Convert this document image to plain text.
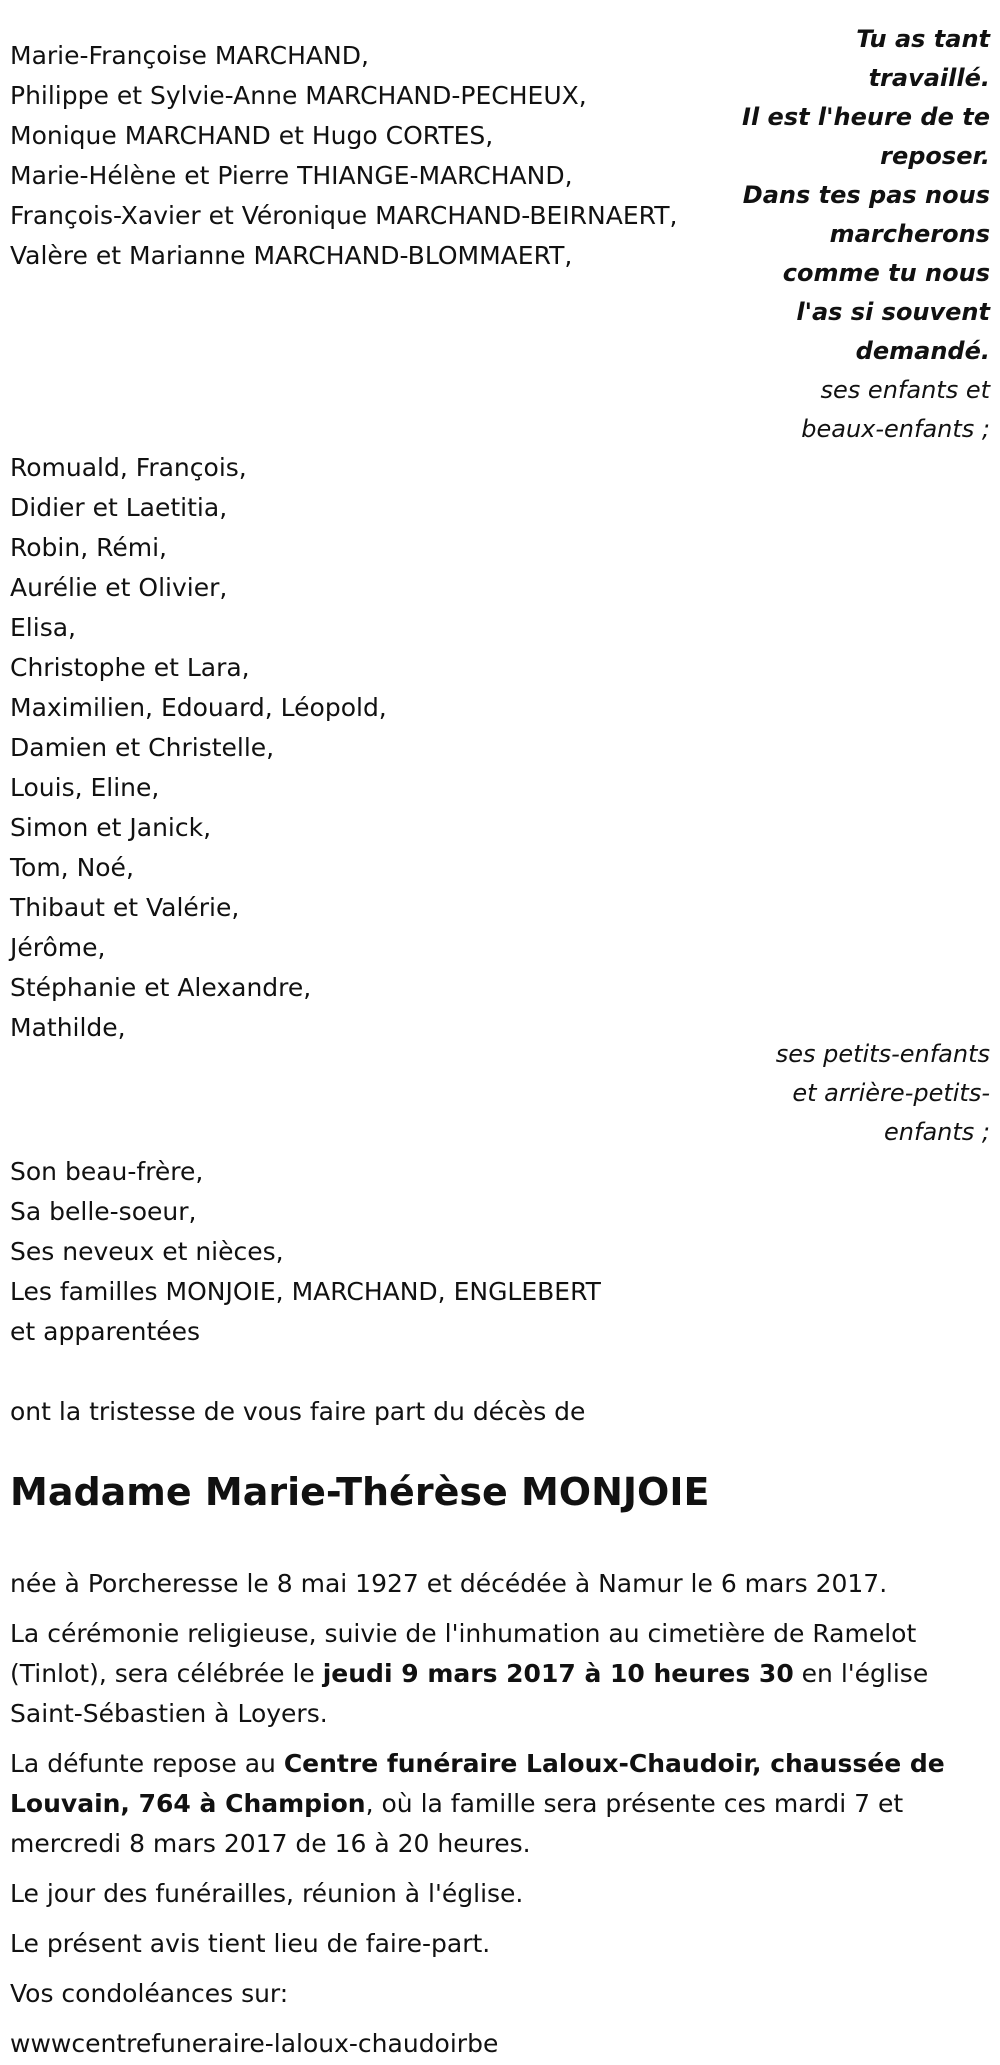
Marie-Françoise MARCHAND,
Philippe et Sylvie-Anne MARCHAND-PECHEUX,
Monique MARCHAND et Hugo CORTES,
Marie-Hélène et Pierre THIANGE-MARCHAND,
François-Xavier et Véronique MARCHAND-BEIRNAERT,
Valère et Marianne MARCHAND-BLOMMAERT,
Tu as tant
travaillé.
Il est l'heure de te
reposer.
Dans tes pas nous
marcherons
comme tu nous
l'as si souvent
demandé.
ses enfants et
beaux-enfants ;
Romuald, François,
Didier et Laetitia,
Robin, Rémi,
Aurélie et Olivier,
Elisa,
Christophe et Lara,
Maximilien, Edouard, Léopold,
Damien et Christelle,
Louis, Eline,
Simon et Janick,
Tom, Noé,
Thibaut et Valérie,
Jérôme,
Stéphanie et Alexandre,
Mathilde,
ses petits-enfants
et arrière-petits-
enfants ;
Son beau-frère,
Sa belle-soeur,
Ses neveux et nièces,
Les familles MONJOIE, MARCHAND, ENGLEBERT
et apparentées
ont la tristesse de vous faire part du décès de
Madame Marie-Thérèse MONJOIE
née à Porcheresse le 8 mai 1927 et décédée à Namur le 6 mars 2017.
La cérémonie religieuse, suivie de l'inhumation au cimetière de Ramelot (Tinlot), sera célébrée le jeudi 9 mars 2017 à 10 heures 30 en l'église Saint-Sébastien à Loyers.
La défunte repose au Centre funéraire Laloux-Chaudoir, chaussée de Louvain, 764 à Champion, où la famille sera présente ces mardi 7 et mercredi 8 mars 2017 de 16 à 20 heures.
Le jour des funérailles, réunion à l'église.
Le présent avis tient lieu de faire-part.
Vos condoléances sur:
wwwcentrefuneraire-laloux-chaudoirbe
